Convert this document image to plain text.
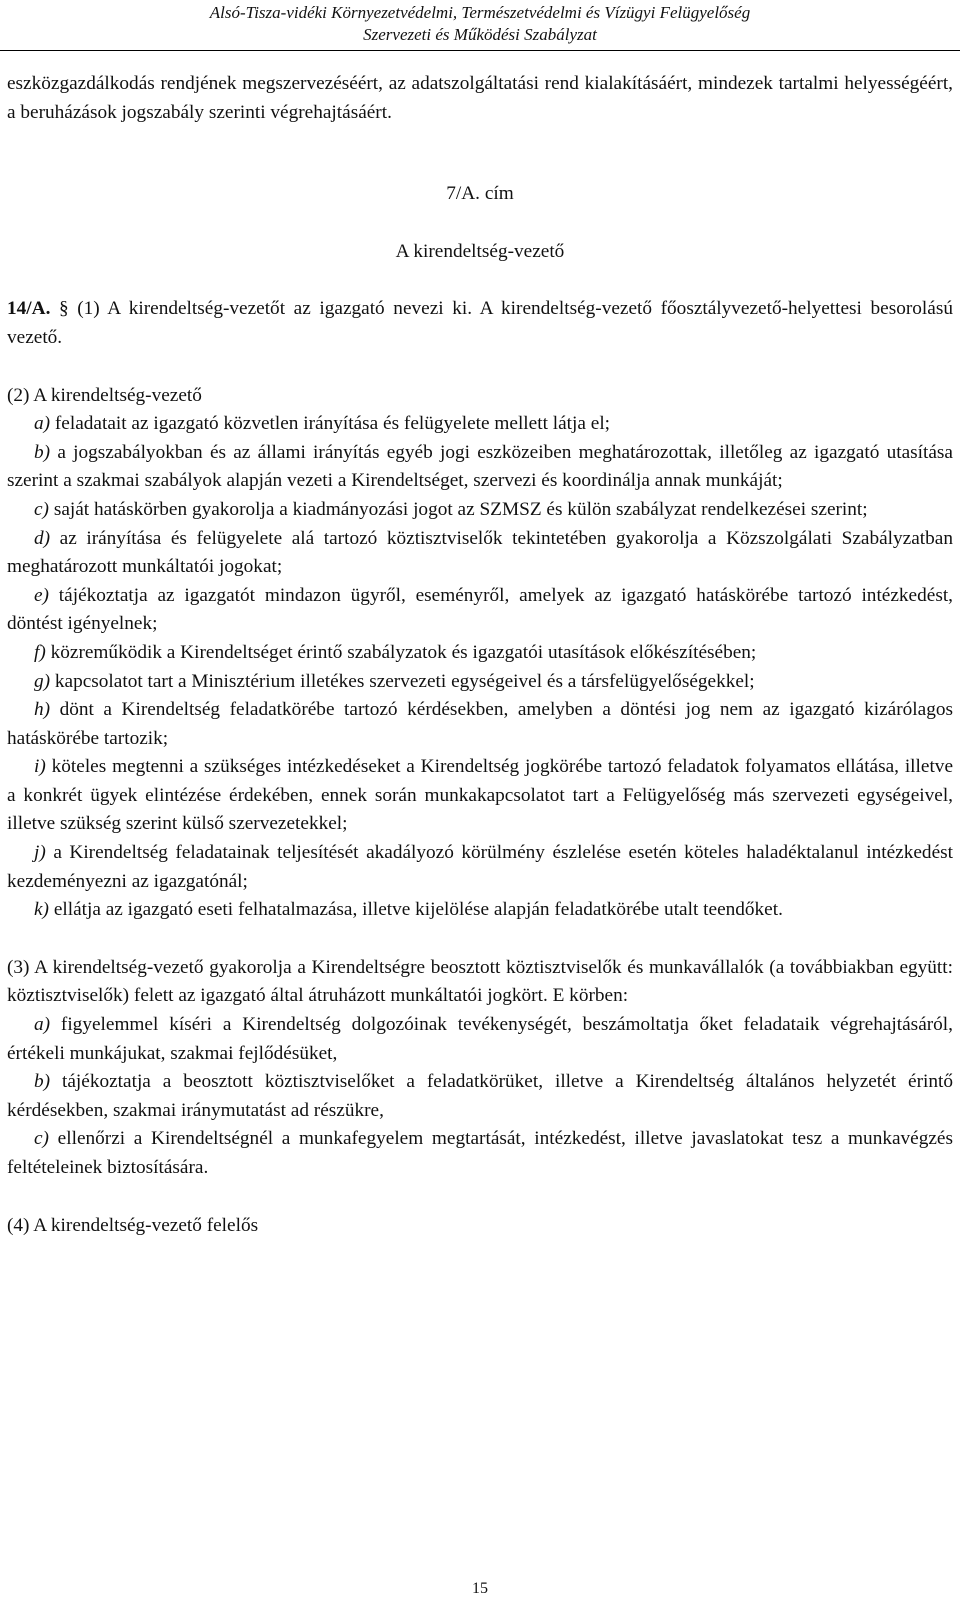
Alsó-Tisza-vidéki Környezetvédelmi, Természetvédelmi és Vízügyi Felügyelőség
Szervezeti és Működési Szabályzat

eszközgazdálkodás rendjének megszervezéséért, az adatszolgáltatási rend kialakításáért, mindezek tartalmi helyességéért, a beruházások jogszabály szerinti végrehajtásáért.

7/A. cím

A kirendeltség-vezető

14/A. § (1) A kirendeltség-vezetőt az igazgató nevezi ki. A kirendeltség-vezető főosztályvezető-helyettesi besorolású vezető.

(2) A kirendeltség-vezető

a) feladatait az igazgató közvetlen irányítása és felügyelete mellett látja el;

b) a jogszabályokban és az állami irányítás egyéb jogi eszközeiben meghatározottak, illetőleg az igazgató utasítása szerint a szakmai szabályok alapján vezeti a Kirendeltséget, szervezi és koordinálja annak munkáját;

c) saját hatáskörben gyakorolja a kiadmányozási jogot az SZMSZ és külön szabályzat rendelkezései szerint;

d) az irányítása és felügyelete alá tartozó köztisztviselők tekintetében gyakorolja a Közszolgálati Szabályzatban meghatározott munkáltatói jogokat;

e) tájékoztatja az igazgatót mindazon ügyről, eseményről, amelyek az igazgató hatáskörébe tartozó intézkedést, döntést igényelnek;

f) közreműködik a Kirendeltséget érintő szabályzatok és igazgatói utasítások előkészítésében;

g) kapcsolatot tart a Minisztérium illetékes szervezeti egységeivel és a társfelügyelőségekkel;

h) dönt a Kirendeltség feladatkörébe tartozó kérdésekben, amelyben a döntési jog nem az igazgató kizárólagos hatáskörébe tartozik;

i) köteles megtenni a szükséges intézkedéseket a Kirendeltség jogkörébe tartozó feladatok folyamatos ellátása, illetve a konkrét ügyek elintézése érdekében, ennek során munkakapcsolatot tart a Felügyelőség más szervezeti egységeivel, illetve szükség szerint külső szervezetekkel;

j) a Kirendeltség feladatainak teljesítését akadályozó körülmény észlelése esetén köteles haladéktalanul intézkedést kezdeményezni az igazgatónál;

k) ellátja az igazgató eseti felhatalmazása, illetve kijelölése alapján feladatkörébe utalt teendőket.

(3) A kirendeltség-vezető gyakorolja a Kirendeltségre beosztott köztisztviselők és munkavállalók (a továbbiakban együtt: köztisztviselők) felett az igazgató által átruházott munkáltatói jogkört. E körben:

a) figyelemmel kíséri a Kirendeltség dolgozóinak tevékenységét, beszámoltatja őket feladataik végrehajtásáról, értékeli munkájukat, szakmai fejlődésüket,

b) tájékoztatja a beosztott köztisztviselőket a feladatkörüket, illetve a Kirendeltség általános helyzetét érintő kérdésekben, szakmai iránymutatást ad részükre,

c) ellenőrzi a Kirendeltségnél a munkafegyelem megtartását, intézkedést, illetve javaslatokat tesz a munkavégzés feltételeinek biztosítására.

(4) A kirendeltség-vezető felelős

15
